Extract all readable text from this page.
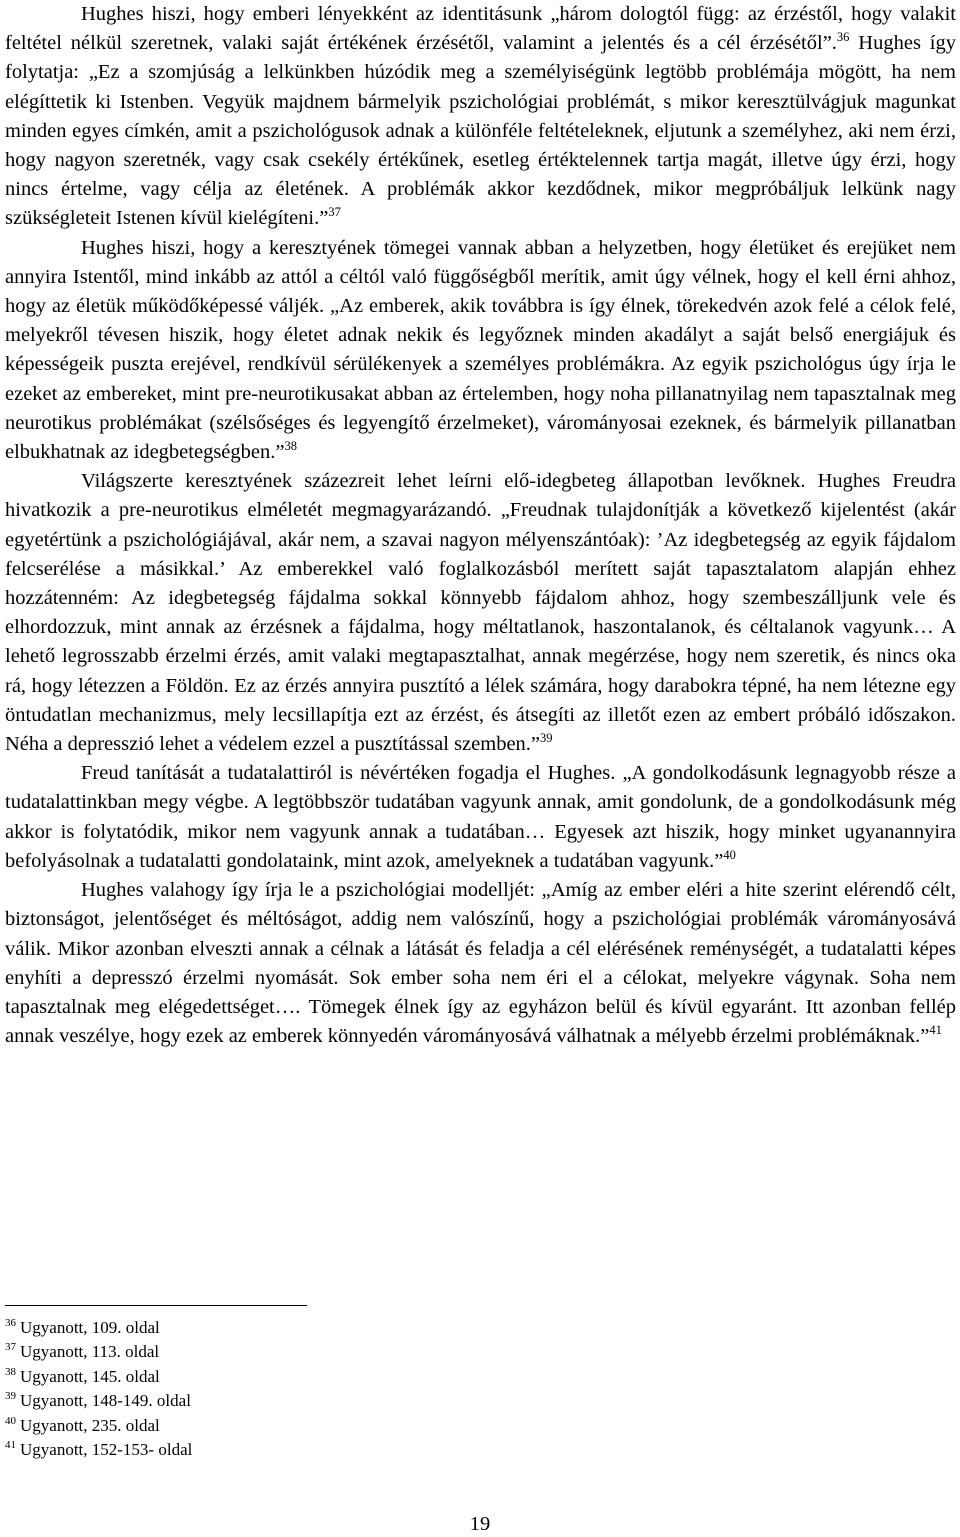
Hughes hiszi, hogy emberi lényekként az identitásunk „három dologtól függ: az érzéstől, hogy valakit feltétel nélkül szeretnek, valaki saját értékének érzésétől, valamint a jelentés és a cél érzésétől”.$^{36}$ Hughes így folytatja: „Ez a szomjúság a lelkünkben húzódik meg a személyiségünk legtöbb problémája mögött, ha nem elégíttetik ki Istenben. Vegyük majdnem bármelyik pszichológiai problémát, s mikor keresztülvágjuk magunkat minden egyes címkén, amit a pszichológusok adnak a különféle feltételeknek, eljutunk a személyhez, aki nem érzi, hogy nagyon szeretnék, vagy csak csekély értékűnek, esetleg értéktelennek tartja magát, illetve úgy érzi, hogy nincs értelme, vagy célja az életének. A problémák akkor kezdődnek, mikor megpróbáljuk lelkünk nagy szükségleteit Istenen kívül kielégíteni.”$^{37}$

Hughes hiszi, hogy a keresztyének tömegei vannak abban a helyzetben, hogy életüket és erejüket nem annyira Istentől, mind inkább az attól a céltól való függőségből merítik, amit úgy vélnek, hogy el kell érni ahhoz, hogy az életük működőképessé váljék. „Az emberek, akik továbbra is így élnek, törekedvén azok felé a célok felé, melyekről tévesen hiszik, hogy életet adnak nekik és legyőznek minden akadályt a saját belső energiájuk és képességeik puszta erejével, rendkívül sérülékenyek a személyes problémákra. Az egyik pszichológus úgy írja le ezeket az embereket, mint pre-neurotikusakat abban az értelemben, hogy noha pillanatnyilag nem tapasztalnak meg neurotikus problémákat (szélsőséges és legyengítő érzelmeket), várományosai ezeknek, és bármelyik pillanatban elbukhatnak az idegbetegségben.”$^{38}$

Világszerte keresztyének százezreit lehet leírni elő-idegbeteg állapotban levőknek. Hughes Freudra hivatkozik a pre-neurotikus elméletét megmagyarázandó. „Freudnak tulajdonítják a következő kijelentést (akár egyetértünk a pszichológiájával, akár nem, a szavai nagyon mélyenszántóak): ’Az idegbetegség az egyik fájdalom felcserélése a másikkal.’ Az emberekkel való foglalkozásból merített saját tapasztalatom alapján ehhez hozzátenném: Az idegbetegség fájdalma sokkal könnyebb fájdalom ahhoz, hogy szembeszálljunk vele és elhordozzuk, mint annak az érzésnek a fájdalma, hogy méltatlanok, haszontalanok, és céltalanok vagyunk… A lehető legrosszabb érzelmi érzés, amit valaki megtapasztalhat, annak megérzése, hogy nem szeretik, és nincs oka rá, hogy létezzen a Földön. Ez az érzés annyira pusztító a lélek számára, hogy darabokra tépné, ha nem létezne egy öntudatlan mechanizmus, mely lecsillapítja ezt az érzést, és átsegíti az illetőt ezen az embert próbáló időszakon. Néha a depresszió lehet a védelem ezzel a pusztítással szemben.”$^{39}$

Freud tanítását a tudatalattiról is névértéken fogadja el Hughes. „A gondolkodásunk legnagyobb része a tudatalattinkban megy végbe. A legtöbbször tudatában vagyunk annak, amit gondolunk, de a gondolkodásunk még akkor is folytatódik, mikor nem vagyunk annak a tudatában… Egyesek azt hiszik, hogy minket ugyanannyira befolyásolnak a tudatalatti gondolataink, mint azok, amelyeknek a tudatában vagyunk.”$^{40}$

Hughes valahogy így írja le a pszichológiai modelljét: „Amíg az ember eléri a hite szerint elérendő célt, biztonságot, jelentőséget és méltóságot, addig nem valószínű, hogy a pszichológiai problémák várományosává válik. Mikor azonban elveszti annak a célnak a látását és feladja a cél elérésének reménységét, a tudatalatti képes enyhíti a depresszó érzelmi nyomását. Sok ember soha nem éri el a célokat, melyekre vágynak. Soha nem tapasztalnak meg elégedettséget…. Tömegek élnek így az egyházon belül és kívül egyaránt. Itt azonban fellép annak veszélye, hogy ezek az emberek könnyedén várományosává válhatnak a mélyebb érzelmi problémáknak.”$^{41}$

$^{36}$ Ugyanott, 109. oldal
$^{37}$ Ugyanott, 113. oldal
$^{38}$ Ugyanott, 145. oldal
$^{39}$ Ugyanott, 148-149. oldal
$^{40}$ Ugyanott, 235. oldal
$^{41}$ Ugyanott, 152-153- oldal
19
